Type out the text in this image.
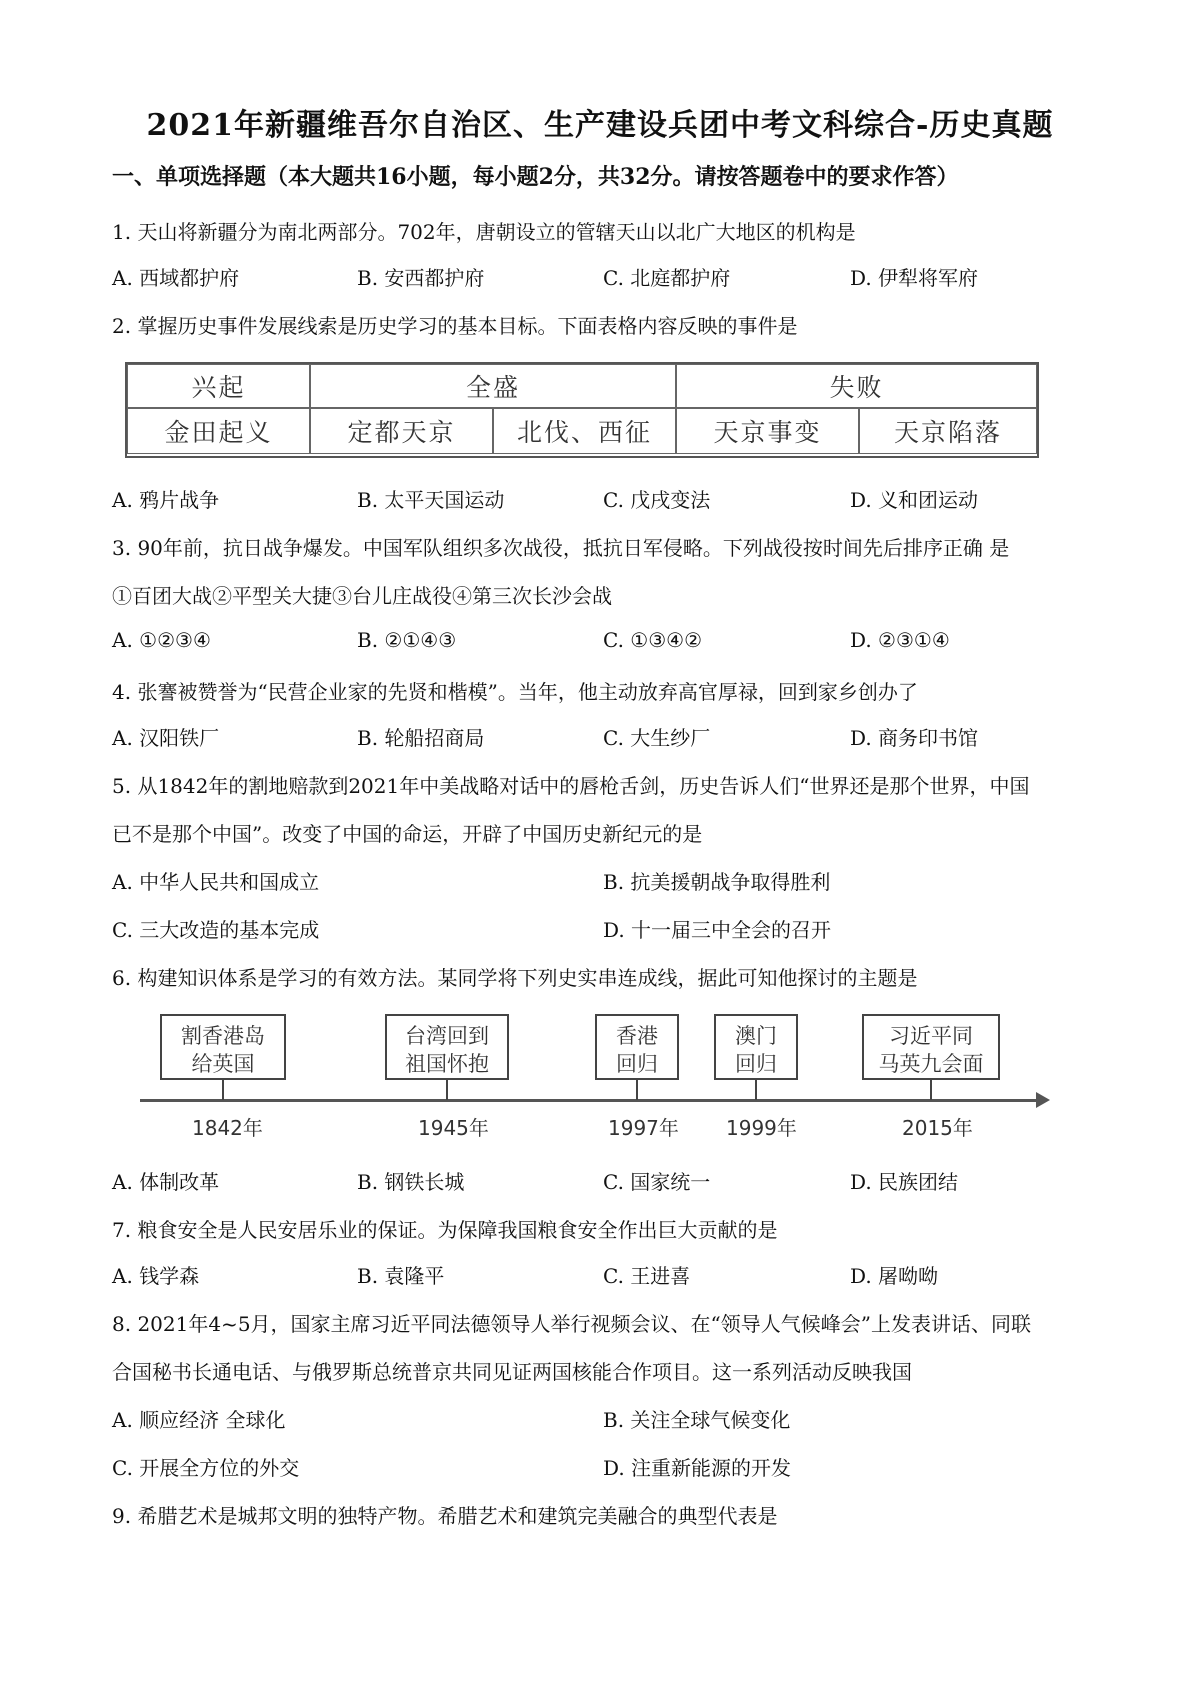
2021年新疆维吾尔自治区、生产建设兵团中考文科综合-历史真题
一、单项选择题（本大题共16小题，每小题2分，共32分。请按答题卷中的要求作答）
1. 天山将新疆分为南北两部分。702年，唐朝设立的管辖天山以北广大地区的机构是
A. 西域都护府	B. 安西都护府	C. 北庭都护府	D. 伊犁将军府
2. 掌握历史事件发展线索是历史学习的基本目标。下面表格内容反映的事件是
兴起	全盛	失败
金田起义	定都天京	北伐、西征	天京事变	天京陷落
A. 鸦片战争	B. 太平天国运动	C. 戊戌变法	D. 义和团运动
3. 90年前，抗日战争爆发。中国军队组织多次战役，抵抗日军侵略。下列战役按时间先后排序正确 是
①百团大战②平型关大捷③台儿庄战役④第三次长沙会战
A. ①②③④	B. ②①④③	C. ①③④②	D. ②③①④
4. 张謇被赞誉为“民营企业家的先贤和楷模”。当年，他主动放弃高官厚禄，回到家乡创办了
A. 汉阳铁厂	B. 轮船招商局	C. 大生纱厂	D. 商务印书馆
5. 从1842年的割地赔款到2021年中美战略对话中的唇枪舌剑，历史告诉人们“世界还是那个世界，中国
已不是那个中国”。改变了中国的命运，开辟了中国历史新纪元的是
A. 中华人民共和国成立	B. 抗美援朝战争取得胜利
C. 三大改造的基本完成	D. 十一届三中全会的召开
6. 构建知识体系是学习的有效方法。某同学将下列史实串连成线，据此可知他探讨的主题是
割香港岛
给英国
1842年
台湾回到
祖国怀抱
1945年
香港
回归
1997年
澳门
回归
1999年
习近平同
马英九会面
2015年
A. 体制改革	B. 钢铁长城	C. 国家统一	D. 民族团结
7. 粮食安全是人民安居乐业的保证。为保障我国粮食安全作出巨大贡献的是
A. 钱学森	B. 袁隆平	C. 王进喜	D. 屠呦呦
8. 2021年4~5月，国家主席习近平同法德领导人举行视频会议、在“领导人气候峰会”上发表讲话、同联
合国秘书长通电话、与俄罗斯总统普京共同见证两国核能合作项目。这一系列活动反映我国
A. 顺应经济 全球化	B. 关注全球气候变化
C. 开展全方位的外交	D. 注重新能源的开发
9. 希腊艺术是城邦文明的独特产物。希腊艺术和建筑完美融合的典型代表是
